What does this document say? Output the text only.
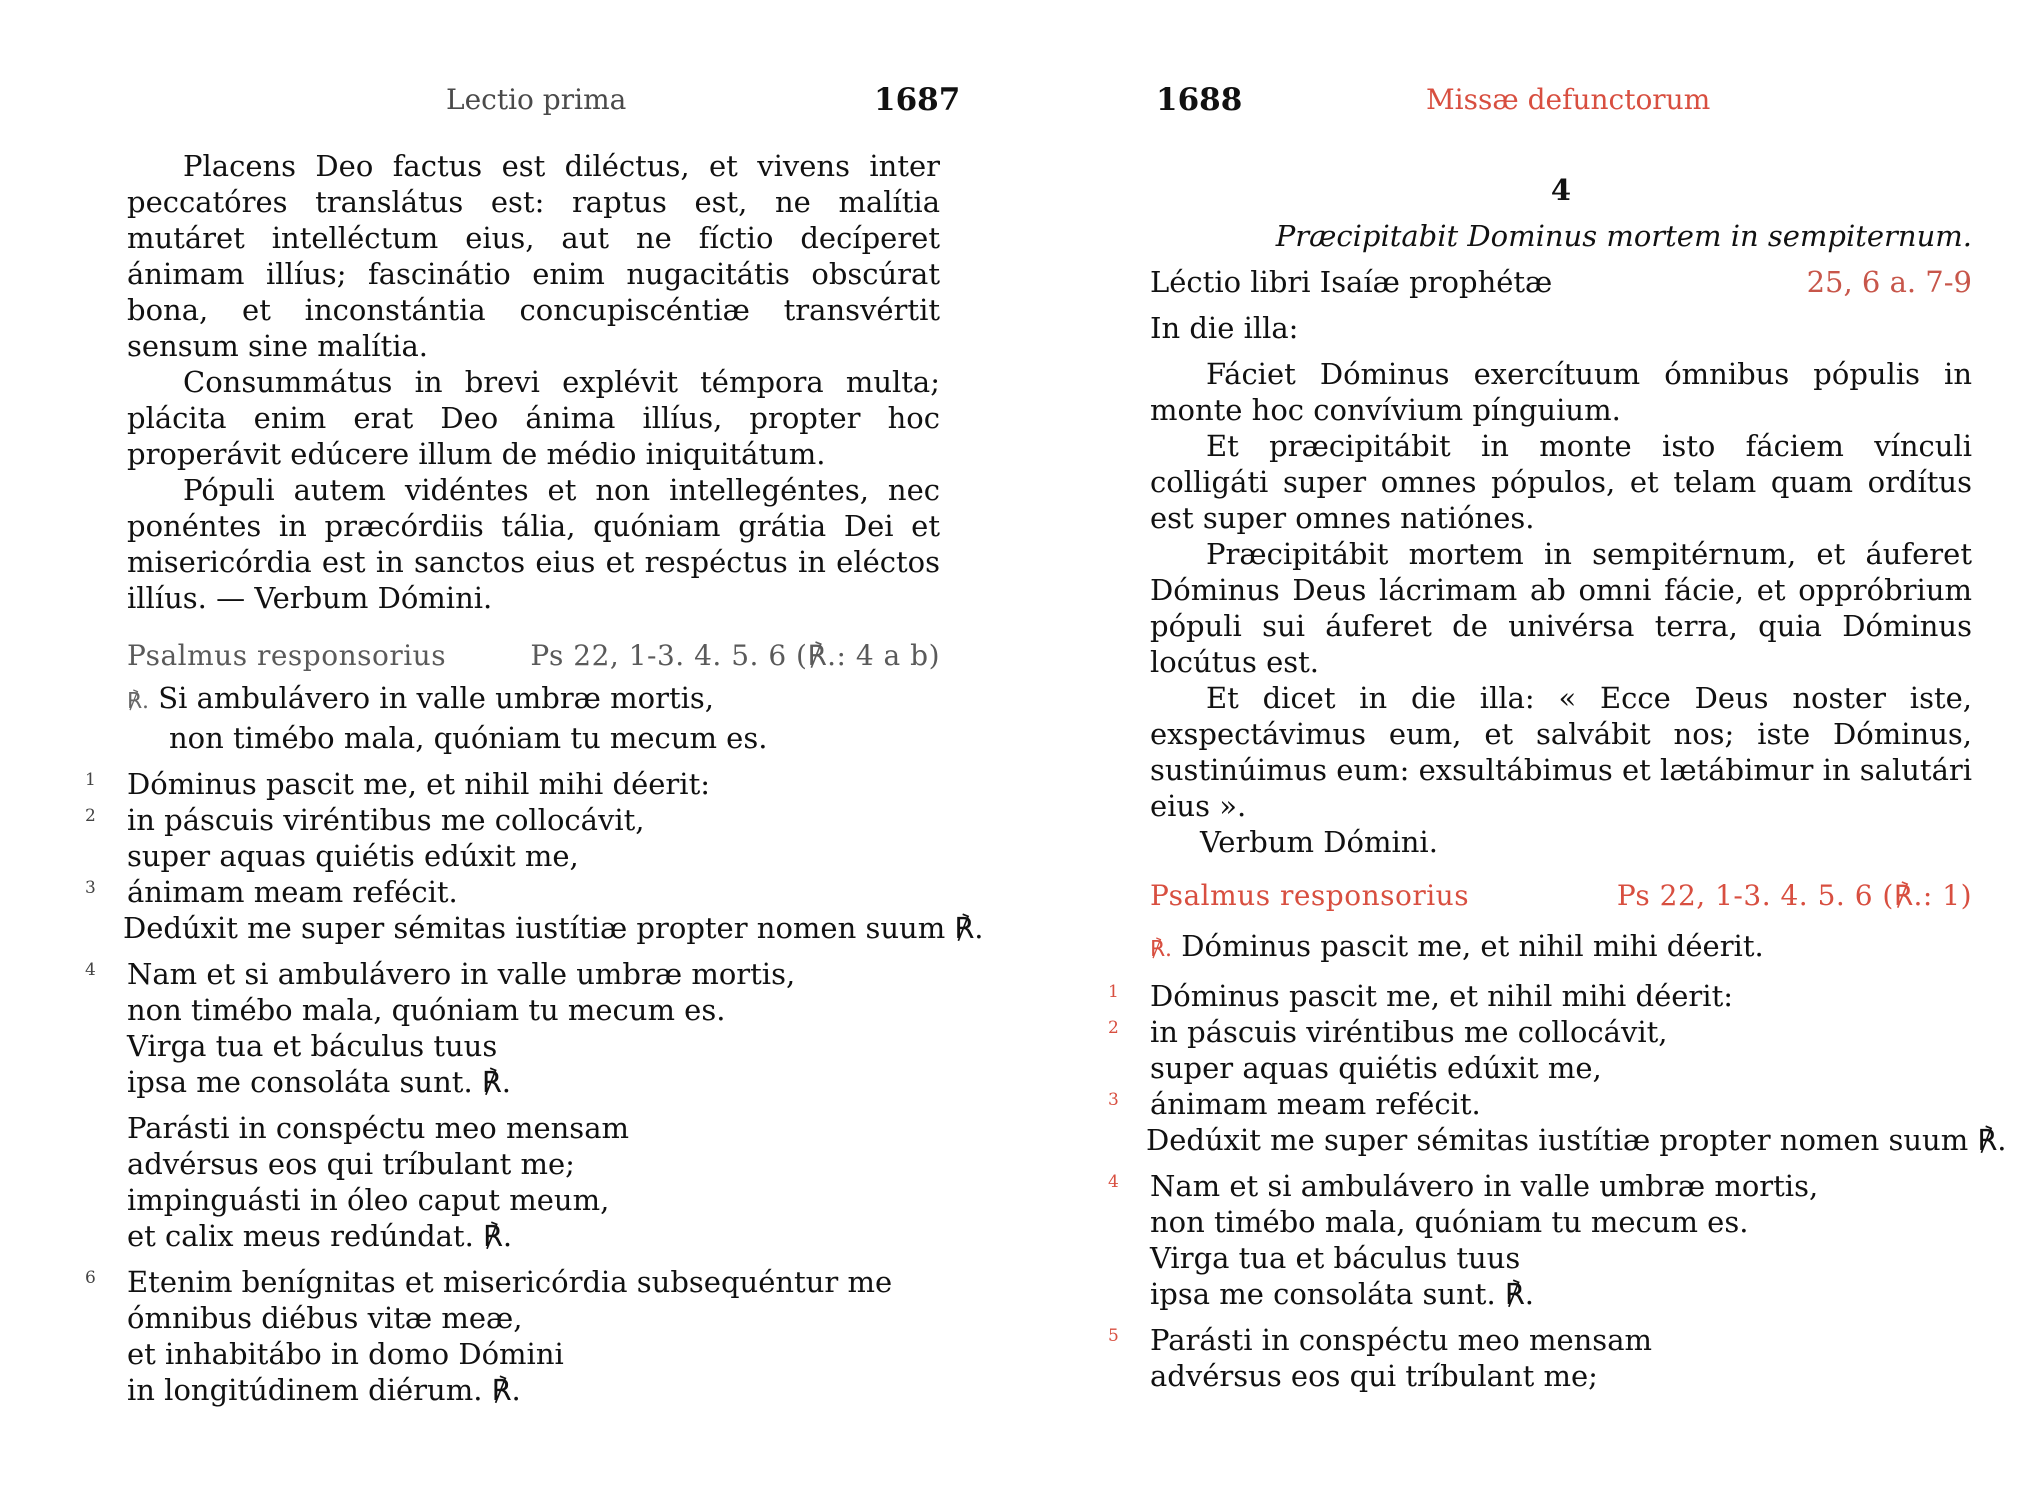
Lectio prima	1687

Placens Deo factus est diléctus, et vivens inter peccatóres translátus est: raptus est, ne malítia mutáret intelléctum eius, aut ne fíctio decíperet ánimam illíus; fascinátio enim nugacitátis obscúrat bona, et inconstántia concupiscéntiæ transvértit sensum sine malítia.

Consummátus in brevi explévit témpora multa; plácita enim erat Deo ánima illíus, propter hoc properávit edúcere illum de médio iniquitátum.

Pópuli autem vidéntes et non intellegéntes, nec ponéntes in præcórdiis tália, quóniam grátia Dei et misericórdia est in sanctos eius et respéctus in eléctos illíus. — Verbum Dómini.

Psalmus responsorius	Ps 22, 1-3. 4. 5. 6 (℟.: 4 a b)
℟. Si ambulávero in valle umbræ mortis,
non timébo mala, quóniam tu mecum es.
1 Dóminus pascit me, et nihil mihi déerit:
2 in páscuis viréntibus me collocávit,
super aquas quiétis edúxit me,
3 ánimam meam refécit.
Dedúxit me super sémitas iustítiæ propter nomen suum ℟.
4 Nam et si ambulávero in valle umbræ mortis,
non timébo mala, quóniam tu mecum es.
Virga tua et báculus tuus
ipsa me consoláta sunt. ℟.
Parásti in conspéctu meo mensam
advérsus eos qui tríbulant me;
impinguásti in óleo caput meum,
et calix meus redúndat. ℟.
6 Etenim benígnitas et misericórdia subsequéntur me
ómnibus diébus vitæ meæ,
et inhabitábo in domo Dómini
in longitúdinem diérum. ℟.
1688	Missæ defunctorum
4
Præcipitabit Dominus mortem in sempiternum.
Léctio libri Isaíæ prophétæ	25, 6 a. 7-9
In die illa:

Fáciet Dóminus exercítuum ómnibus pópulis in monte hoc convívium pínguium.

Et præcipitábit in monte isto fáciem vínculi colligáti super omnes pópulos, et telam quam ordítus est super omnes natiónes.

Præcipitábit mortem in sempitérnum, et áuferet Dóminus Deus lácrimam ab omni fácie, et oppróbrium pópuli sui áuferet de univérsa terra, quia Dóminus locútus est.

Et dicet in die illa: « Ecce Deus noster iste, exspectávimus eum, et salvábit nos; iste Dóminus, sustinúimus eum: exsultábimus et lætábimur in salutári eius ».

Verbum Dómini.
Psalmus responsorius	Ps 22, 1-3. 4. 5. 6 (℟.: 1)
℟. Dóminus pascit me, et nihil mihi déerit.
1 Dóminus pascit me, et nihil mihi déerit:
2 in páscuis viréntibus me collocávit,
super aquas quiétis edúxit me,
3 ánimam meam refécit.
Dedúxit me super sémitas iustítiæ propter nomen suum ℟.
4 Nam et si ambulávero in valle umbræ mortis,
non timébo mala, quóniam tu mecum es.
Virga tua et báculus tuus
ipsa me consoláta sunt. ℟.
5 Parásti in conspéctu meo mensam
advérsus eos qui tríbulant me;
